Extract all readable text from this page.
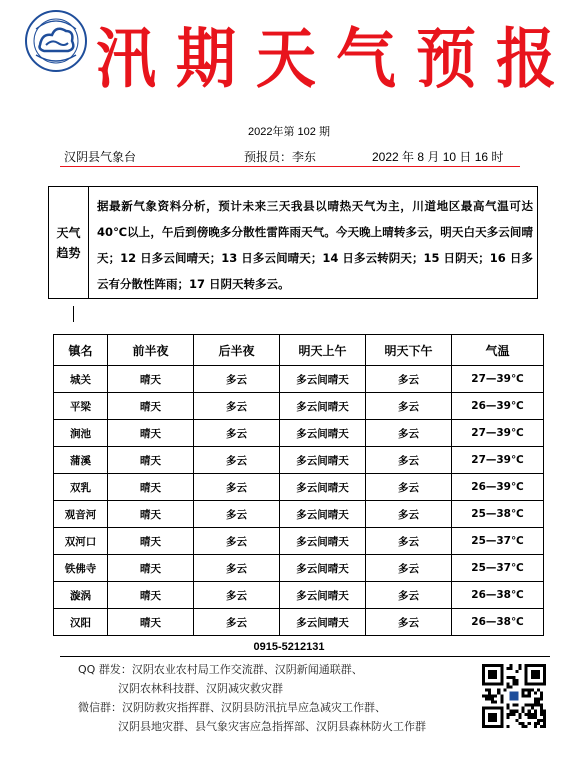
汛期天气预报
2022年第 102 期
汉阴县气象台	预报员：李东	2022 年 8 月 10 日 16 时
天气趋势
据最新气象资料分析，预计未来三天我县以晴热天气为主，川道地区最高气温可达 40℃以上，午后到傍晚多分散性雷阵雨天气。今天晚上晴转多云，明天白天多云间晴天；12 日多云间晴天；13 日多云间晴天；14 日多云转阴天；15 日阴天；16 日多云有分散性阵雨；17 日阴天转多云。
镇名	前半夜	后半夜	明天上午	明天下午	气温
城关	晴天	多云	多云间晴天	多云	27—39℃
平梁	晴天	多云	多云间晴天	多云	26—39℃
涧池	晴天	多云	多云间晴天	多云	27—39℃
蒲溪	晴天	多云	多云间晴天	多云	27—39℃
双乳	晴天	多云	多云间晴天	多云	26—39℃
观音河	晴天	多云	多云间晴天	多云	25—38℃
双河口	晴天	多云	多云间晴天	多云	25—37℃
铁佛寺	晴天	多云	多云间晴天	多云	25—37℃
漩涡	晴天	多云	多云间晴天	多云	26—38℃
汉阳	晴天	多云	多云间晴天	多云	26—38℃
0915-5212131
QQ 群发：汉阴农业农村局工作交流群、汉阴新闻通联群、
汉阴农林科技群、汉阴减灾救灾群
微信群：汉阴防救灾指挥群、汉阴县防汛抗旱应急减灾工作群、
汉阴县地灾群、县气象灾害应急指挥部、汉阴县森林防火工作群
